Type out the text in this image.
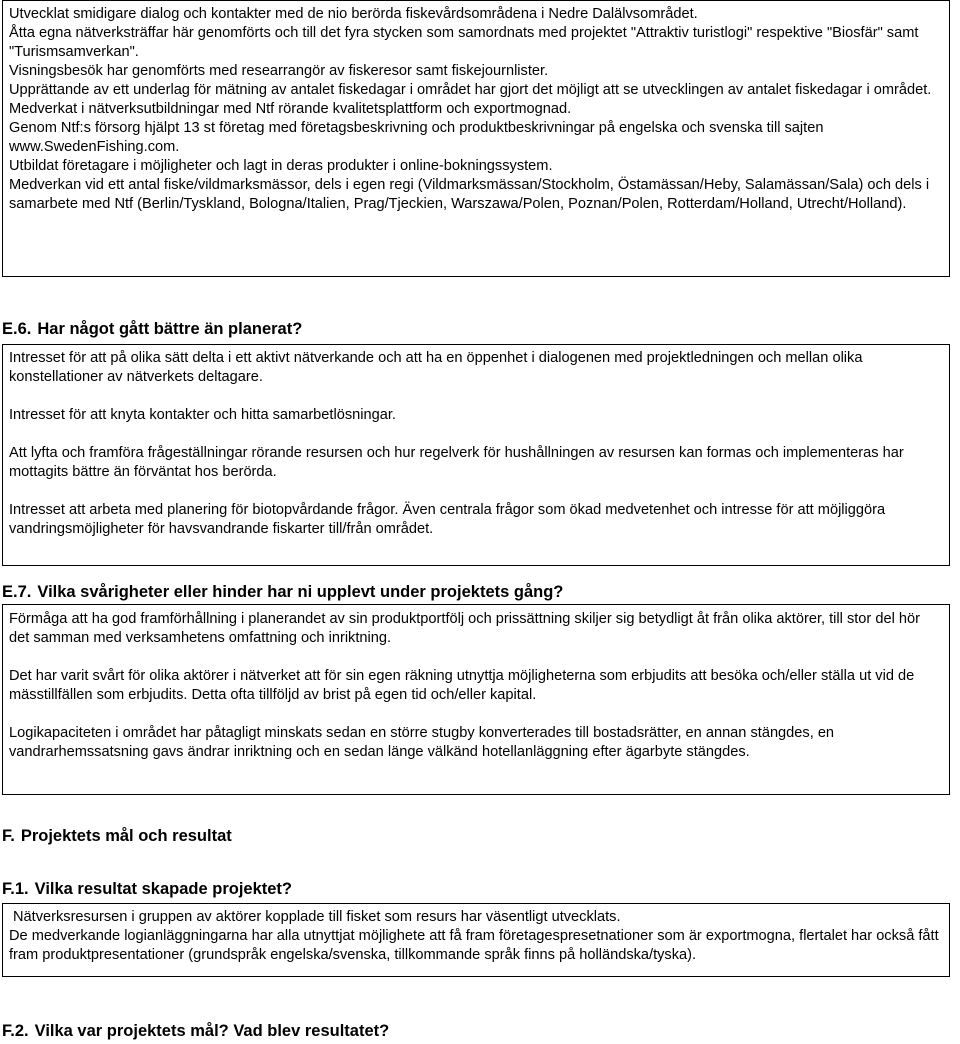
Utvecklat smidigare dialog och kontakter med de nio berörda fiskevårdsområdena i Nedre Dalälvsområdet.

Åtta egna nätverksträffar här genomförts och till det fyra stycken som samordnats med projektet "Attraktiv turistlogi" respektive "Biosfär" samt "Turismsamverkan".

Visningsbesök har genomförts med researrangör av fiskeresor samt fiskejournlister.

Upprättande av ett underlag för mätning av antalet fiskedagar i området har gjort det möjligt att se utvecklingen av antalet fiskedagar i området.

Medverkat i nätverksutbildningar med Ntf rörande kvalitetsplattform och exportmognad.

Genom Ntf:s försorg hjälpt 13 st företag med företagsbeskrivning och produktbeskrivningar på engelska och svenska till sajten www.SwedenFishing.com.

Utbildat företagare i möjligheter och lagt in deras produkter i online-bokningssystem.

Medverkan vid ett antal fiske/vildmarksmässor, dels i egen regi (Vildmarksmässan/Stockholm, Östamässan/Heby, Salamässan/Sala) och dels i samarbete med Ntf (Berlin/Tyskland, Bologna/Italien, Prag/Tjeckien, Warszawa/Polen, Poznan/Polen, Rotterdam/Holland, Utrecht/Holland).

E.6. Har något gått bättre än planerat?

Intresset för att på olika sätt delta i ett aktivt nätverkande och att ha en öppenhet i dialogenen med projektledningen och mellan olika konstellationer av nätverkets deltagare.

Intresset för att knyta kontakter och hitta samarbetlösningar.

Att lyfta och framföra frågeställningar rörande resursen och hur regelverk för hushållningen av resursen kan formas och implementeras har mottagits bättre än förväntat hos berörda.

Intresset att arbeta med planering för biotopvårdande frågor. Även centrala frågor som ökad medvetenhet och intresse för att möjliggöra vandringsmöjligheter för havsvandrande fiskarter till/från området.

E.7. Vilka svårigheter eller hinder har ni upplevt under projektets gång?

Förmåga att ha god framförhållning i planerandet av sin produktportfölj och prissättning skiljer sig betydligt åt från olika aktörer, till stor del hör det samman med verksamhetens omfattning och inriktning.

Det har varit svårt för olika aktörer i nätverket att för sin egen räkning utnyttja möjligheterna som erbjudits att besöka och/eller ställa ut vid de mässtillfällen som erbjudits. Detta ofta tillföljd av brist på egen tid och/eller kapital.

Logikapaciteten i området har påtagligt minskats sedan en större stugby konverterades till bostadsrätter, en annan stängdes, en vandrarhemssatsning gavs ändrar inriktning och en sedan länge välkänd hotellanläggning efter ägarbyte stängdes.

F. Projektets mål och resultat
F.1. Vilka resultat skapade projektet?

Nätverksresursen i gruppen av aktörer kopplade till fisket som resurs har väsentligt utvecklats.

De medverkande logianläggningarna har alla utnyttjat möjlighete att få fram företagespresetnationer som är exportmogna, flertalet har också fått fram produktpresentationer (grundspråk engelska/svenska, tillkommande språk finns på holländska/tyska).

F.2. Vilka var projektets mål? Vad blev resultatet?
